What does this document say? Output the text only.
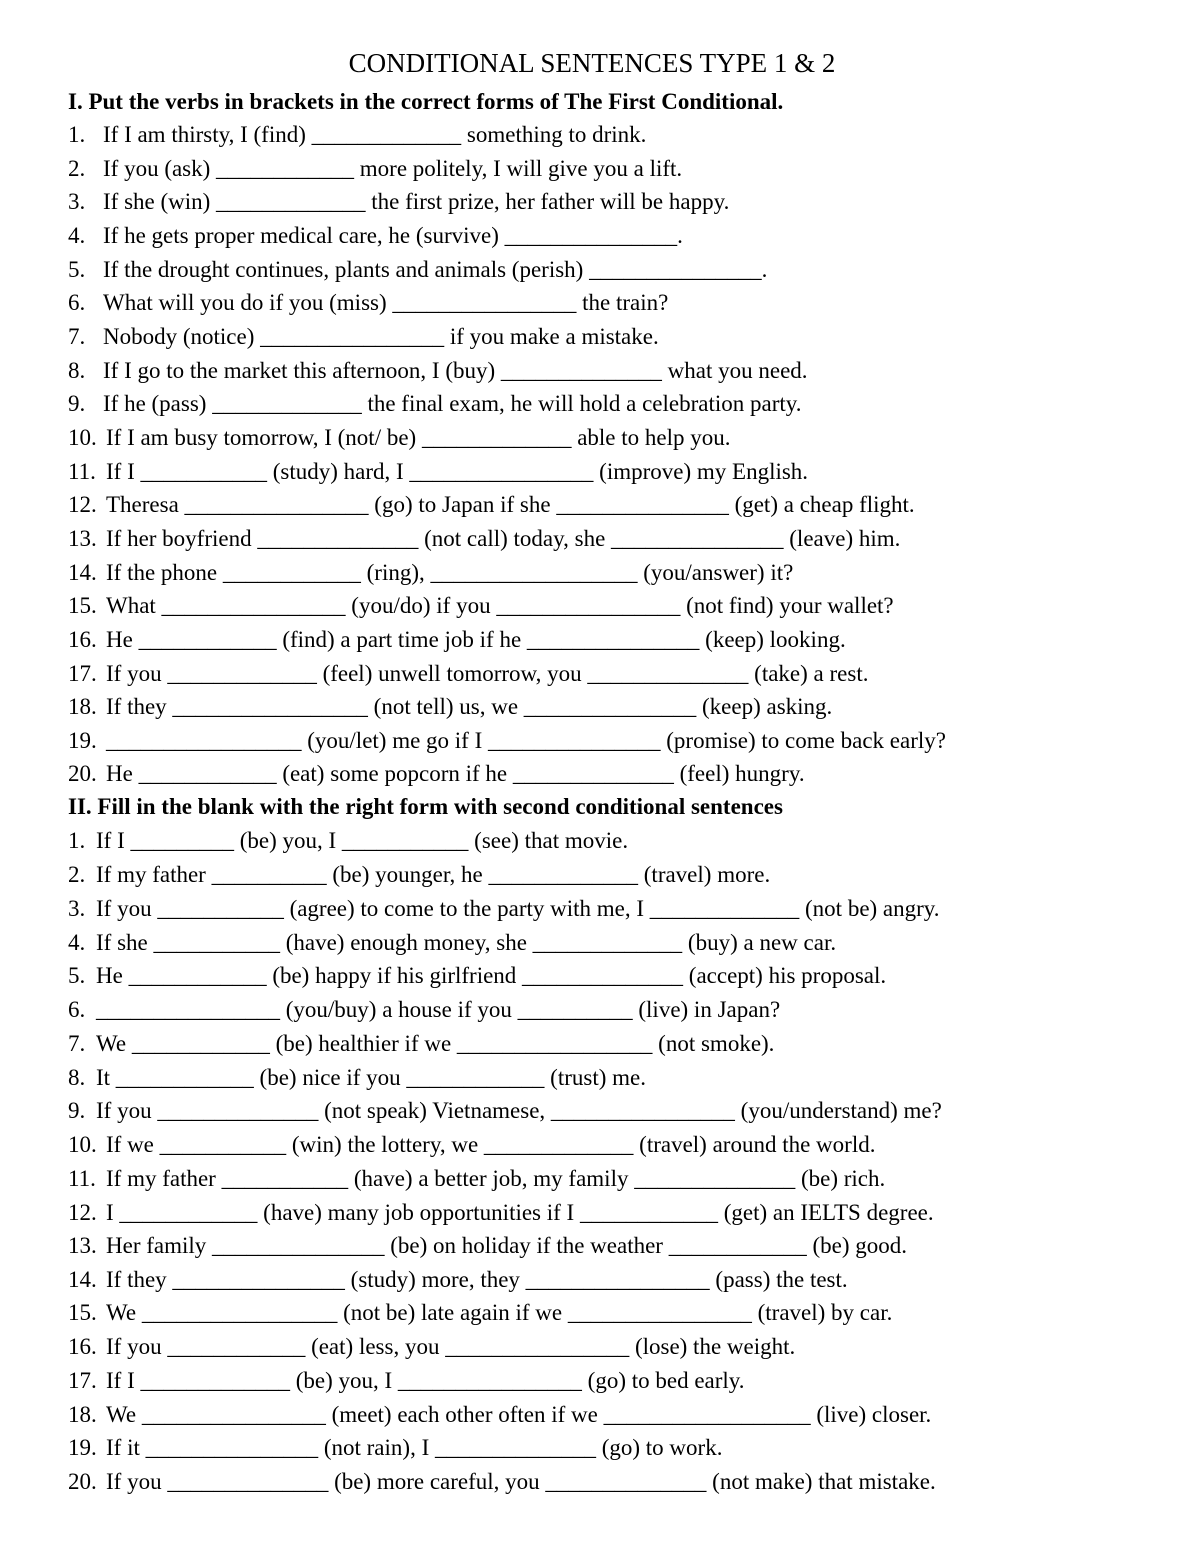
CONDITIONAL SENTENCES TYPE 1 & 2
I. Put the verbs in brackets in the correct forms of The First Conditional.
1. If I am thirsty, I (find) _____________ something to drink.
2. If you (ask) ____________ more politely, I will give you a lift.
3. If she (win) _____________ the first prize, her father will be happy.
4. If he gets proper medical care, he (survive) _______________.
5. If the drought continues, plants and animals (perish) _______________.
6. What will you do if you (miss) ________________ the train?
7. Nobody (notice) ________________ if you make a mistake.
8. If I go to the market this afternoon, I (buy) ______________ what you need.
9. If he (pass) _____________ the final exam, he will hold a celebration party.
10. If I am busy tomorrow, I (not/ be) _____________ able to help you.
11. If I ___________ (study) hard, I ________________ (improve) my English.
12. Theresa ________________ (go) to Japan if she _______________ (get) a cheap flight.
13. If her boyfriend ______________ (not call) today, she _______________ (leave) him.
14. If the phone ____________ (ring), __________________ (you/answer) it?
15. What ________________ (you/do) if you ________________ (not find) your wallet?
16. He ____________ (find) a part time job if he _______________ (keep) looking.
17. If you _____________ (feel) unwell tomorrow, you ______________ (take) a rest.
18. If they _________________ (not tell) us, we _______________ (keep) asking.
19. _________________ (you/let) me go if I _______________ (promise) to come back early?
20. He ____________ (eat) some popcorn if he ______________ (feel) hungry.
II. Fill in the blank with the right form with second conditional sentences
1. If I _________ (be) you, I ___________ (see) that movie.
2. If my father __________ (be) younger, he _____________ (travel) more.
3. If you ___________ (agree) to come to the party with me, I _____________ (not be) angry.
4. If she ___________ (have) enough money, she _____________ (buy) a new car.
5. He ____________ (be) happy if his girlfriend ______________ (accept) his proposal.
6. ________________ (you/buy) a house if you __________ (live) in Japan?
7. We ____________ (be) healthier if we _________________ (not smoke).
8. It ____________ (be) nice if you ____________ (trust) me.
9. If you ______________ (not speak) Vietnamese, ________________ (you/understand) me?
10. If we ___________ (win) the lottery, we _____________ (travel) around the world.
11. If my father ___________ (have) a better job, my family ______________ (be) rich.
12. I ____________ (have) many job opportunities if I ____________ (get) an IELTS degree.
13. Her family _______________ (be) on holiday if the weather ____________ (be) good.
14. If they _______________ (study) more, they ________________ (pass) the test.
15. We _________________ (not be) late again if we ________________ (travel) by car.
16. If you ____________ (eat) less, you ________________ (lose) the weight.
17. If I _____________ (be) you, I ________________ (go) to bed early.
18. We ________________ (meet) each other often if we __________________ (live) closer.
19. If it _______________ (not rain), I ______________ (go) to work.
20. If you ______________ (be) more careful, you ______________ (not make) that mistake.
